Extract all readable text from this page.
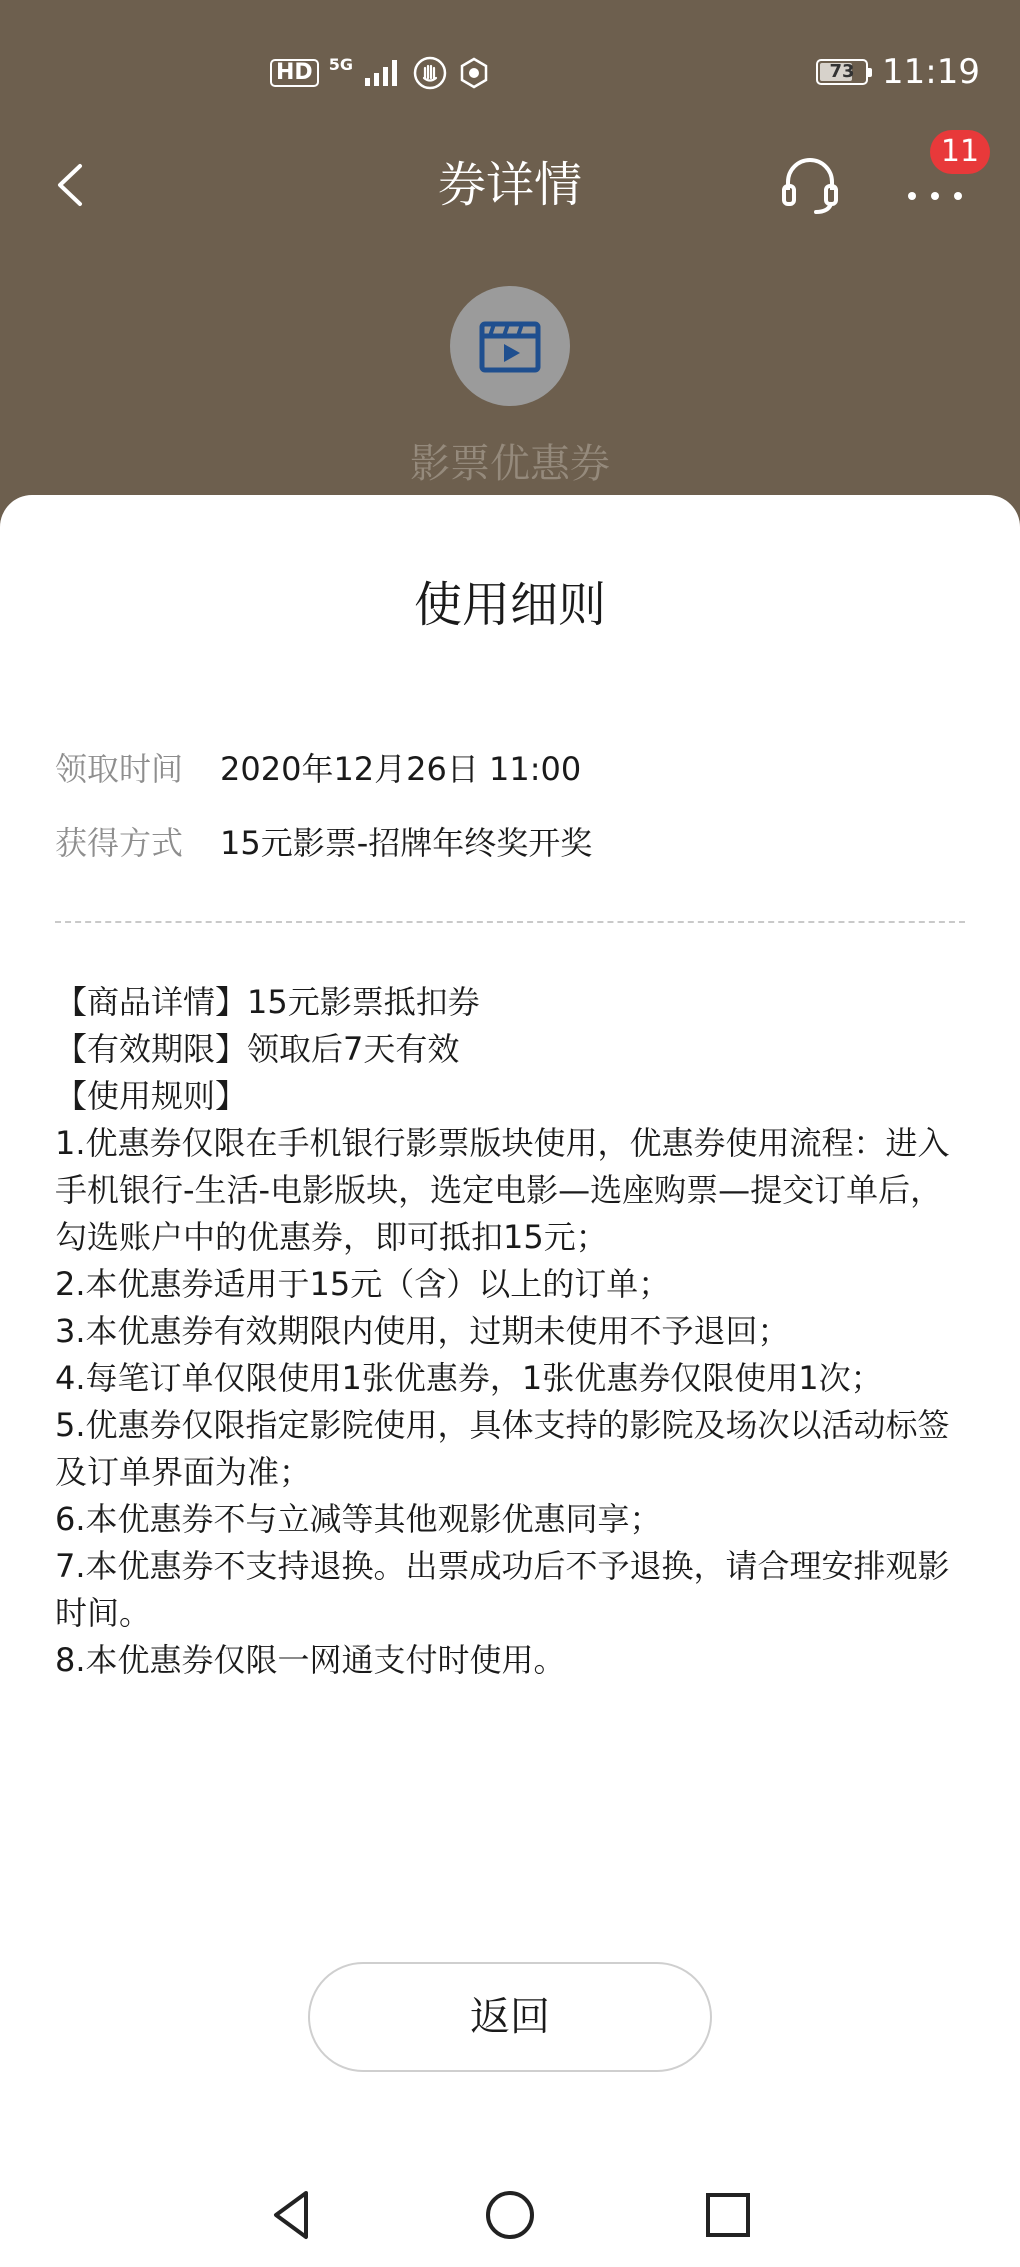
HD	5G	73 11:19
券详情
11
影票优惠券
使用细则
领取时间	2020年12月26日 11:00
获得方式	15元影票-招牌年终奖开奖

【商品详情】15元影票抵扣券

【有效期限】领取后7天有效

【使用规则】

1.优惠券仅限在手机银行影票版块使用，优惠券使用流程：进入手机银行-生活-电影版块，选定电影—选座购票—提交订单后，勾选账户中的优惠券，即可抵扣15元；

2.本优惠券适用于15元（含）以上的订单；

3.本优惠券有效期限内使用，过期未使用不予退回；

4.每笔订单仅限使用1张优惠券，1张优惠券仅限使用1次；

5.优惠券仅限指定影院使用，具体支持的影院及场次以活动标签及订单界面为准；

6.本优惠券不与立减等其他观影优惠同享；

7.本优惠券不支持退换。出票成功后不予退换，请合理安排观影时间。

8.本优惠券仅限一网通支付时使用。

返回
